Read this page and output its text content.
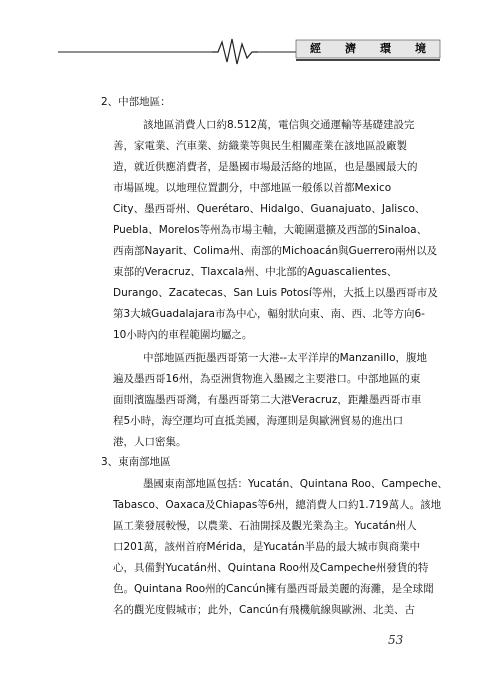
經 濟 環 境
2、中部地區：
該地區消費人口約8.512萬，電信與交通運輸等基礎建設完
善，家電業、汽車業、紡織業等與民生相關產業在該地區設廠製
造，就近供應消費者，是墨國市場最活絡的地區，也是墨國最大的
市場區塊。以地理位置劃分，中部地區一般係以首都Mexico
City、墨西哥州、Querétaro、Hidalgo、Guanajuato、Jalisco、
Puebla、Morelos等州為市場主軸，大範圍還擴及西部的Sinaloa、
西南部Nayarit、Colima州、南部的Michoacán與Guerrero兩州以及
東部的Veracruz、Tlaxcala州、中北部的Aguascalientes、
Durango、Zacatecas、San Luis Potosí等州，大抵上以墨西哥市及
第3大城Guadalajara市為中心，輻射狀向東、南、西、北等方向6-
10小時內的車程範圍均屬之。
中部地區西扼墨西哥第一大港--太平洋岸的Manzanillo，腹地
遍及墨西哥16州，為亞洲貨物進入墨國之主要港口。中部地區的東
面則濱臨墨西哥灣，有墨西哥第二大港Veracruz，距離墨西哥市車
程5小時，海空運均可直抵美國，海運則是與歐洲貿易的進出口
港，人口密集。
3、東南部地區
墨國東南部地區包括：Yucatán、Quintana Roo、Campeche、
Tabasco、Oaxaca及Chiapas等6州，總消費人口約1.719萬人。該地
區工業發展較慢，以農業、石油開採及觀光業為主。Yucatán州人
口201萬，該州首府Mérida，是Yucatán半島的最大城市與商業中
心，具備對Yucatán州、Quintana Roo州及Campeche州發貨的特
色。Quintana Roo州的Cancún擁有墨西哥最美麗的海灘，是全球聞
名的觀光度假城市；此外，Cancún有飛機航線與歐洲、北美、古
53
